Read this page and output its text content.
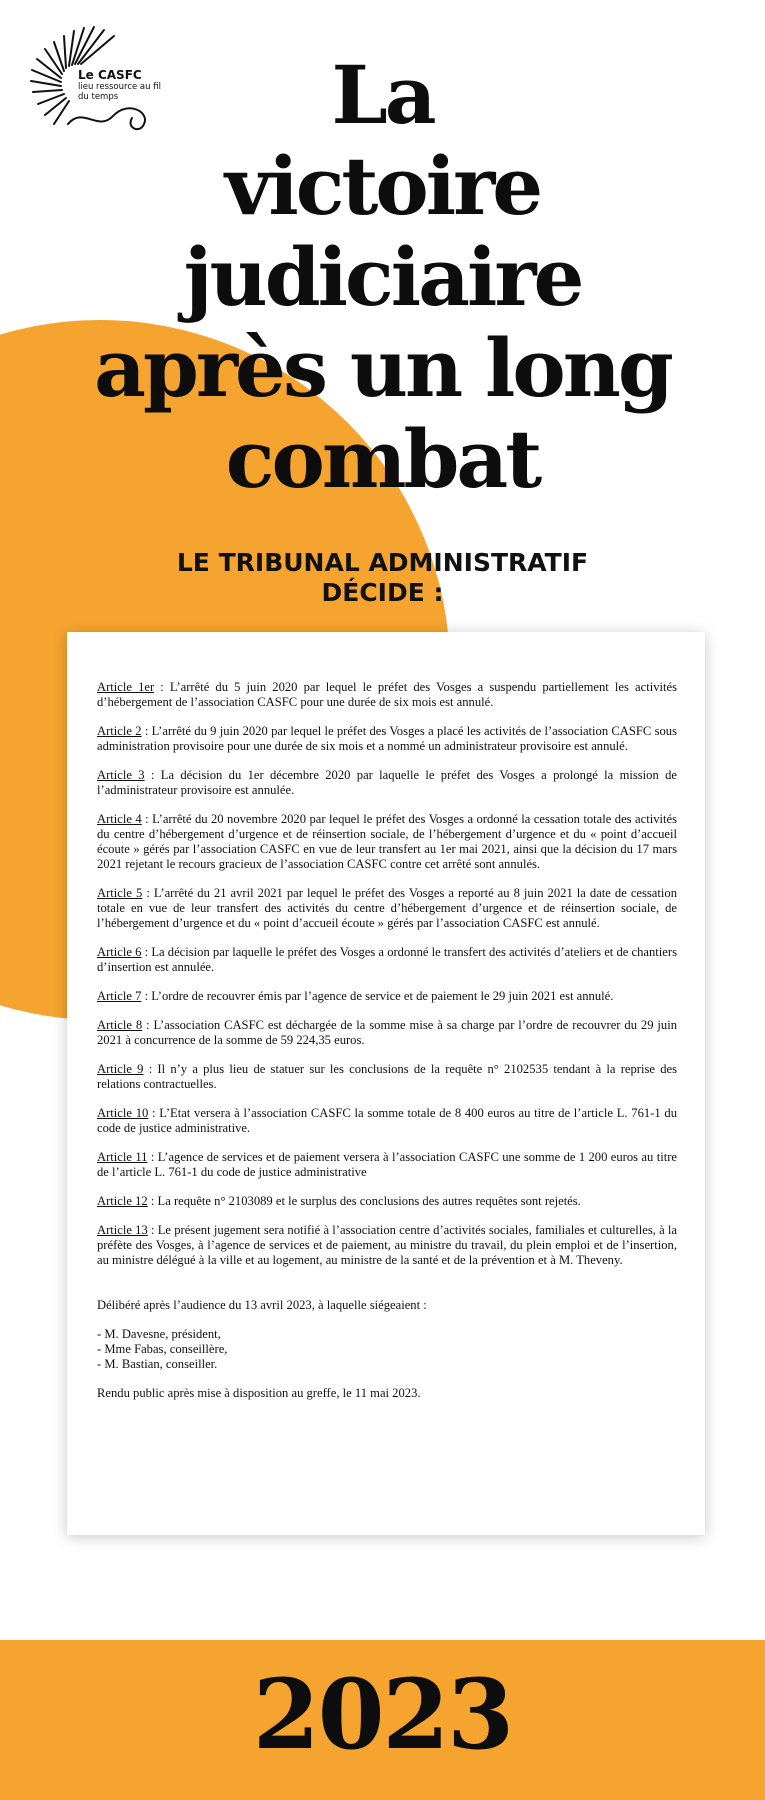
Le CASFC
lieu ressource au fil du temps	La
victoire
judiciaire
après un long
combat
LE TRIBUNAL ADMINISTRATIF
DÉCIDE :

Article 1er : L’arrêté du 5 juin 2020 par lequel le préfet des Vosges a suspendu partiellement les activités d’hébergement de l’association CASFC pour une durée de six mois est annulé.

Article 2 : L’arrêté du 9 juin 2020 par lequel le préfet des Vosges a placé les activités de l’association CASFC sous administration provisoire pour une durée de six mois et a nommé un administrateur provisoire est annulé.

Article 3 : La décision du 1er décembre 2020 par laquelle le préfet des Vosges a prolongé la mission de l’administrateur provisoire est annulée.

Article 4 : L’arrêté du 20 novembre 2020 par lequel le préfet des Vosges a ordonné la cessation totale des activités du centre d’hébergement d’urgence et de réinsertion sociale, de l’hébergement d’urgence et du « point d’accueil écoute » gérés par l’association CASFC en vue de leur transfert au 1er mai 2021, ainsi que la décision du 17 mars 2021 rejetant le recours gracieux de l’association CASFC contre cet arrêté sont annulés.

Article 5 : L’arrêté du 21 avril 2021 par lequel le préfet des Vosges a reporté au 8 juin 2021 la date de cessation totale en vue de leur transfert des activités du centre d’hébergement d’urgence et de réinsertion sociale, de l’hébergement d’urgence et du « point d’accueil écoute » gérés par l’association CASFC est annulé.

Article 6 : La décision par laquelle le préfet des Vosges a ordonné le transfert des activités d’ateliers et de chantiers d’insertion est annulée.

Article 7 : L’ordre de recouvrer émis par l’agence de service et de paiement le 29 juin 2021 est annulé.

Article 8 : L’association CASFC est déchargée de la somme mise à sa charge par l’ordre de recouvrer du 29 juin 2021 à concurrence de la somme de 59 224,35 euros.

Article 9 : Il n’y a plus lieu de statuer sur les conclusions de la requête n° 2102535 tendant à la reprise des relations contractuelles.

Article 10 : L’Etat versera à l’association CASFC la somme totale de 8 400 euros au titre de l’article L. 761-1 du code de justice administrative.

Article 11 : L’agence de services et de paiement versera à l’association CASFC une somme de 1 200 euros au titre de l’article L. 761-1 du code de justice administrative

Article 12 : La requête n° 2103089 et le surplus des conclusions des autres requêtes sont rejetés.

Article 13 : Le présent jugement sera notifié à l’association centre d’activités sociales, familiales et culturelles, à la préfète des Vosges, à l’agence de services et de paiement, au ministre du travail, du plein emploi et de l’insertion, au ministre délégué à la ville et au logement, au ministre de la santé et de la prévention et à M. Theveny.

Délibéré après l’audience du 13 avril 2023, à laquelle siégeaient :

- M. Davesne, président,
- Mme Fabas, conseillère,
- M. Bastian, conseiller.

Rendu public après mise à disposition au greffe, le 11 mai 2023.

2023
